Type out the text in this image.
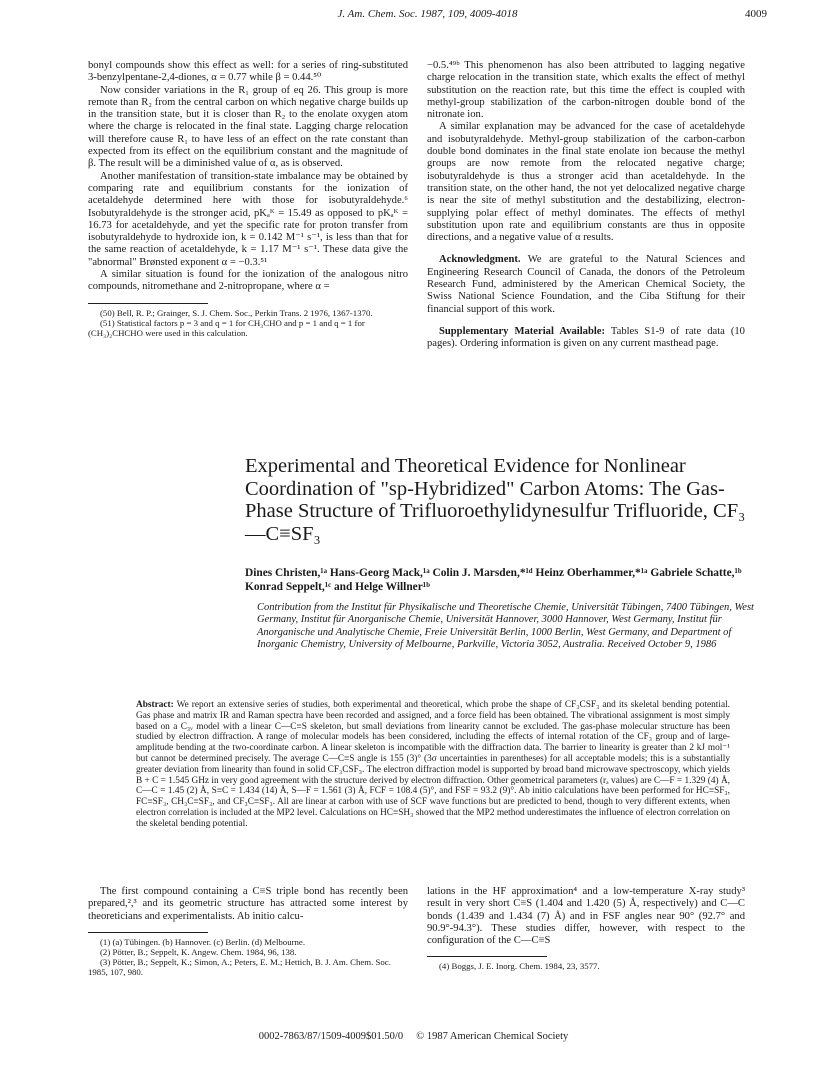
J. Am. Chem. Soc. 1987, 109, 4009-4018	4009

bonyl compounds show this effect as well: for a series of ring-substituted 3-benzylpentane-2,4-diones, α = 0.77 while β = 0.44.⁵⁰

Now consider variations in the R₁ group of eq 26. This group is more remote than R₂ from the central carbon on which negative charge builds up in the transition state, but it is closer than R₂ to the enolate oxygen atom where the charge is relocated in the final state. Lagging charge relocation will therefore cause R₁ to have less of an effect on the rate constant than expected from its effect on the equilibrium constant and the magnitude of β. The result will be a diminished value of α, as is observed.

Another manifestation of transition-state imbalance may be obtained by comparing rate and equilibrium constants for the ionization of acetaldehyde determined here with those for isobutyraldehyde.⁶ Isobutyraldehyde is the stronger acid, pKₐᴷ = 15.49 as opposed to pKₐᴷ = 16.73 for acetaldehyde, and yet the specific rate for proton transfer from isobutyraldehyde to hydroxide ion, k = 0.142 M⁻¹ s⁻¹, is less than that for the same reaction of acetaldehyde, k = 1.17 M⁻¹ s⁻¹. These data give the "abnormal" Brønsted exponent α = −0.3.⁵¹

A similar situation is found for the ionization of the analogous nitro compounds, nitromethane and 2-nitropropane, where α =

(50) Bell, R. P.; Grainger, S. J. Chem. Soc., Perkin Trans. 2 1976, 1367-1370.
(51) Statistical factors p = 3 and q = 1 for CH₃CHO and p = 1 and q = 1 for (CH₃)₂CHCHO were used in this calculation.

−0.5.⁴⁹ᵇ This phenomenon has also been attributed to lagging negative charge relocation in the transition state, which exalts the effect of methyl substitution on the reaction rate, but this time the effect is coupled with methyl-group stabilization of the carbon-nitrogen double bond of the nitronate ion.

A similar explanation may be advanced for the case of acetaldehyde and isobutyraldehyde. Methyl-group stabilization of the carbon-carbon double bond dominates in the final state enolate ion because the methyl groups are now remote from the relocated negative charge; isobutyraldehyde is thus a stronger acid than acetaldehyde. In the transition state, on the other hand, the not yet delocalized negative charge is near the site of methyl substitution and the destabilizing, electron-supplying polar effect of methyl dominates. The effects of methyl substitution upon rate and equilibrium constants are thus in opposite directions, and a negative value of α results.

Acknowledgment. We are grateful to the Natural Sciences and Engineering Research Council of Canada, the donors of the Petroleum Research Fund, administered by the American Chemical Society, the Swiss National Science Foundation, and the Ciba Stiftung for their financial support of this work.

Supplementary Material Available: Tables S1-9 of rate data (10 pages). Ordering information is given on any current masthead page.

Experimental and Theoretical Evidence for Nonlinear Coordination of "sp-Hybridized" Carbon Atoms: The Gas-Phase Structure of Trifluoroethylidynesulfur Trifluoride, CF₃—C≡SF₃

Dines Christen,¹ᵃ Hans-Georg Mack,¹ᵃ Colin J. Marsden,*¹ᵈ Heinz Oberhammer,*¹ᵃ Gabriele Schatte,¹ᵇ Konrad Seppelt,¹ᶜ and Helge Willner¹ᵇ

Contribution from the Institut für Physikalische und Theoretische Chemie, Universität Tübingen, 7400 Tübingen, West Germany, Institut für Anorganische Chemie, Universität Hannover, 3000 Hannover, West Germany, Institut für Anorganische und Analytische Chemie, Freie Universität Berlin, 1000 Berlin, West Germany, and Department of Inorganic Chemistry, University of Melbourne, Parkville, Victoria 3052, Australia. Received October 9, 1986

Abstract: We report an extensive series of studies, both experimental and theoretical, which probe the shape of CF₃CSF₃ and its skeletal bending potential. Gas phase and matrix IR and Raman spectra have been recorded and assigned, and a force field has been obtained. The vibrational assignment is most simply based on a C₃ᵥ model with a linear C—C≡S skeleton, but small deviations from linearity cannot be excluded. The gas-phase molecular structure has been studied by electron diffraction. A range of molecular models has been considered, including the effects of internal rotation of the CF₃ group and of large-amplitude bending at the two-coordinate carbon. A linear skeleton is incompatible with the diffraction data. The barrier to linearity is greater than 2 kJ mol⁻¹ but cannot be determined precisely. The average C—C≡S angle is 155 (3)° (3σ uncertainties in parentheses) for all acceptable models; this is a substantially greater deviation from linearity than found in solid CF₃CSF₃. The electron diffraction model is supported by broad band microwave spectroscopy, which yields B + C = 1.545 GHz in very good agreement with the structure derived by electron diffraction. Other geometrical parameters (rₐ values) are C—F = 1.329 (4) Å, C—C = 1.45 (2) Å, S≡C = 1.434 (14) Å, S—F = 1.561 (3) Å, FCF = 108.4 (5)°, and FSF = 93.2 (9)°. Ab initio calculations have been performed for HC≡SF₃, FC≡SF₃, CH₃C≡SF₃, and CF₃C≡SF₃. All are linear at carbon with use of SCF wave functions but are predicted to bend, though to very different extents, when electron correlation is included at the MP2 level. Calculations on HC≡SH₃ showed that the MP2 method underestimates the influence of electron correlation on the skeletal bending potential.

The first compound containing a C≡S triple bond has recently been prepared,²,³ and its geometric structure has attracted some interest by theoreticians and experimentalists. Ab initio calcu-

(1) (a) Tübingen. (b) Hannover. (c) Berlin. (d) Melbourne.
(2) Pötter, B.; Seppelt, K. Angew. Chem. 1984, 96, 138.
(3) Pötter, B.; Seppelt, K.; Simon, A.; Peters, E. M.; Hettich, B. J. Am. Chem. Soc. 1985, 107, 980.

lations in the HF approximation⁴ and a low-temperature X-ray study³ result in very short C≡S (1.404 and 1.420 (5) Å, respectively) and C—C bonds (1.439 and 1.434 (7) Å) and in FSF angles near 90° (92.7° and 90.9°-94.3°). These studies differ, however, with respect to the configuration of the C—C≡S

(4) Boggs, J. E. Inorg. Chem. 1984, 23, 3577.
0002-7863/87/1509-4009$01.50/0 © 1987 American Chemical Society
